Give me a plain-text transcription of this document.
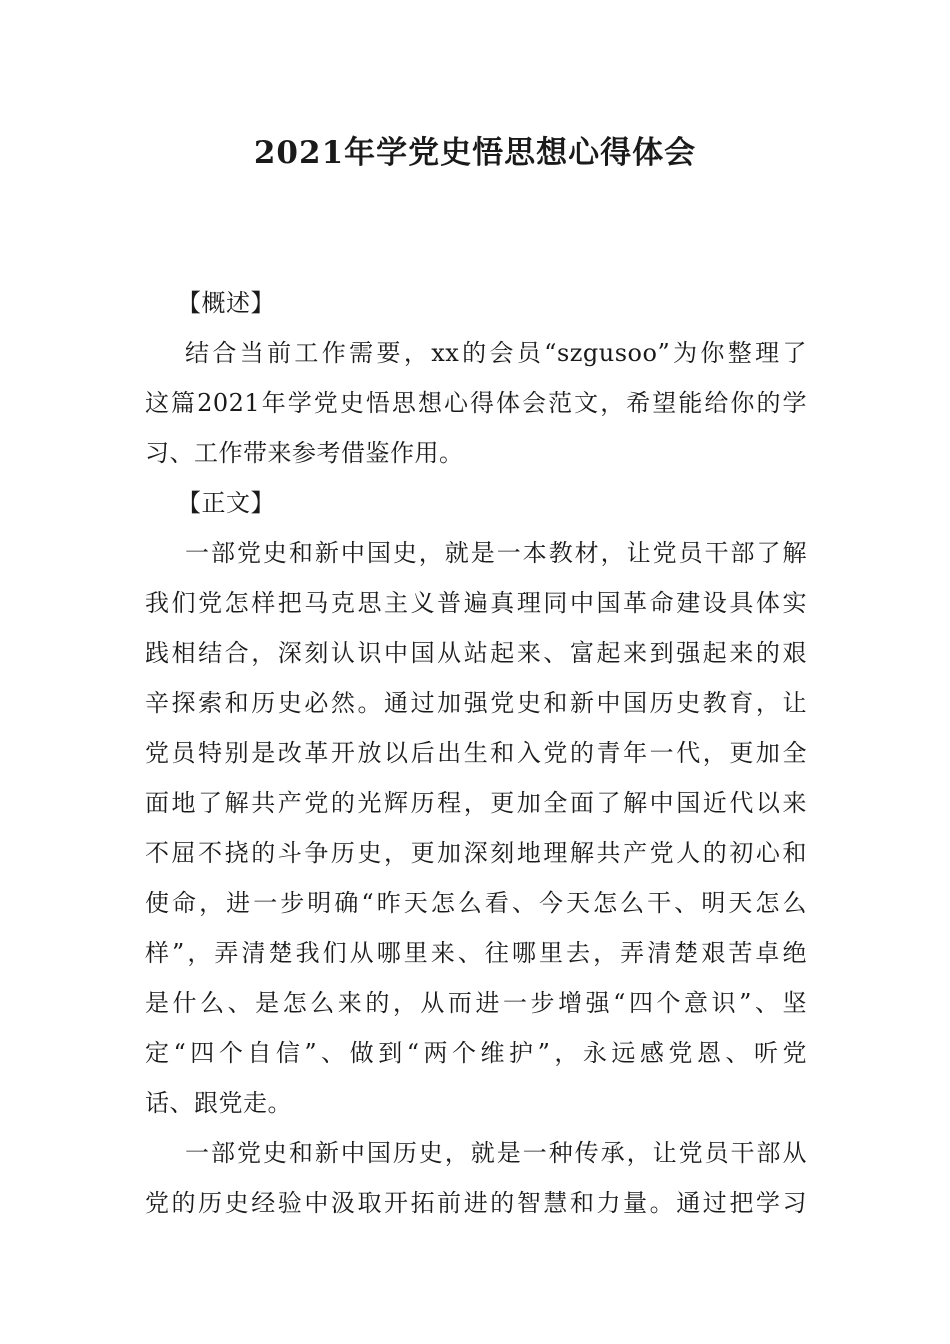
2021年学党史悟思想心得体会
【概述】
结合当前工作需要，xx的会员“szgusoo”为你整理了
这篇2021年学党史悟思想心得体会范文，希望能给你的学
习、工作带来参考借鉴作用。
【正文】
一部党史和新中国史，就是一本教材，让党员干部了解
我们党怎样把马克思主义普遍真理同中国革命建设具体实
践相结合，深刻认识中国从站起来、富起来到强起来的艰
辛探索和历史必然。通过加强党史和新中国历史教育，让
党员特别是改革开放以后出生和入党的青年一代，更加全
面地了解共产党的光辉历程，更加全面了解中国近代以来
不屈不挠的斗争历史，更加深刻地理解共产党人的初心和
使命，进一步明确“昨天怎么看、今天怎么干、明天怎么
样”，弄清楚我们从哪里来、往哪里去，弄清楚艰苦卓绝
是什么、是怎么来的，从而进一步增强“四个意识”、坚
定“四个自信”、做到“两个维护”，永远感党恩、听党
话、跟党走。
一部党史和新中国历史，就是一种传承，让党员干部从
党的历史经验中汲取开拓前进的智慧和力量。通过把学习
